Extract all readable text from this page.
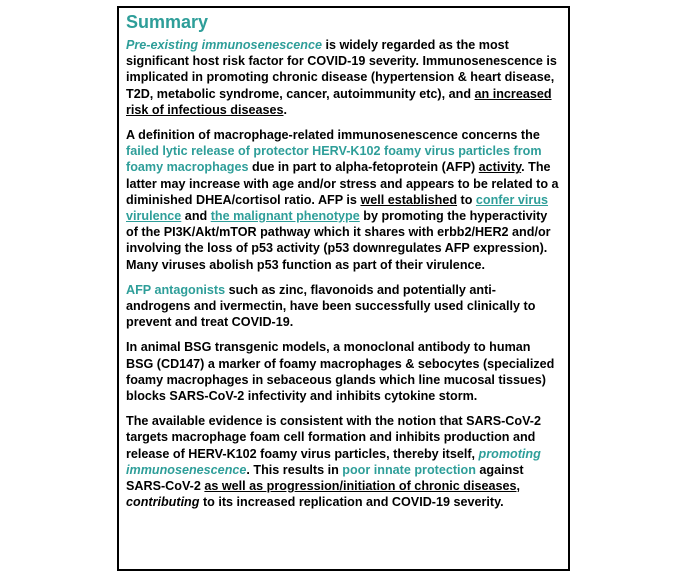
Summary

Pre-existing immunosenescence is widely regarded as the most significant host risk factor for COVID-19 severity. Immunosenescence is implicated in promoting chronic disease (hypertension & heart disease, T2D, metabolic syndrome, cancer, autoimmunity etc), and an increased risk of infectious diseases.

A definition of macrophage-related immunosenescence concerns the failed lytic release of protector HERV-K102 foamy virus particles from foamy macrophages due in part to alpha-fetoprotein (AFP) activity. The latter may increase with age and/or stress and appears to be related to a diminished DHEA/cortisol ratio. AFP is well established to confer virus virulence and the malignant phenotype by promoting the hyperactivity of the PI3K/Akt/mTOR pathway which it shares with erbb2/HER2 and/or involving the loss of p53 activity (p53 downregulates AFP expression). Many viruses abolish p53 function as part of their virulence.

AFP antagonists such as zinc, flavonoids and potentially anti-androgens and ivermectin, have been successfully used clinically to prevent and treat COVID-19.

In animal BSG transgenic models, a monoclonal antibody to human BSG (CD147) a marker of foamy macrophages & sebocytes (specialized foamy macrophages in sebaceous glands which line mucosal tissues) blocks SARS-CoV-2 infectivity and inhibits cytokine storm.

The available evidence is consistent with the notion that SARS-CoV-2 targets macrophage foam cell formation and inhibits production and release of HERV-K102 foamy virus particles, thereby itself, promoting immunosenescence. This results in poor innate protection against SARS-CoV-2 as well as progression/initiation of chronic diseases, contributing to its increased replication and COVID-19 severity.
